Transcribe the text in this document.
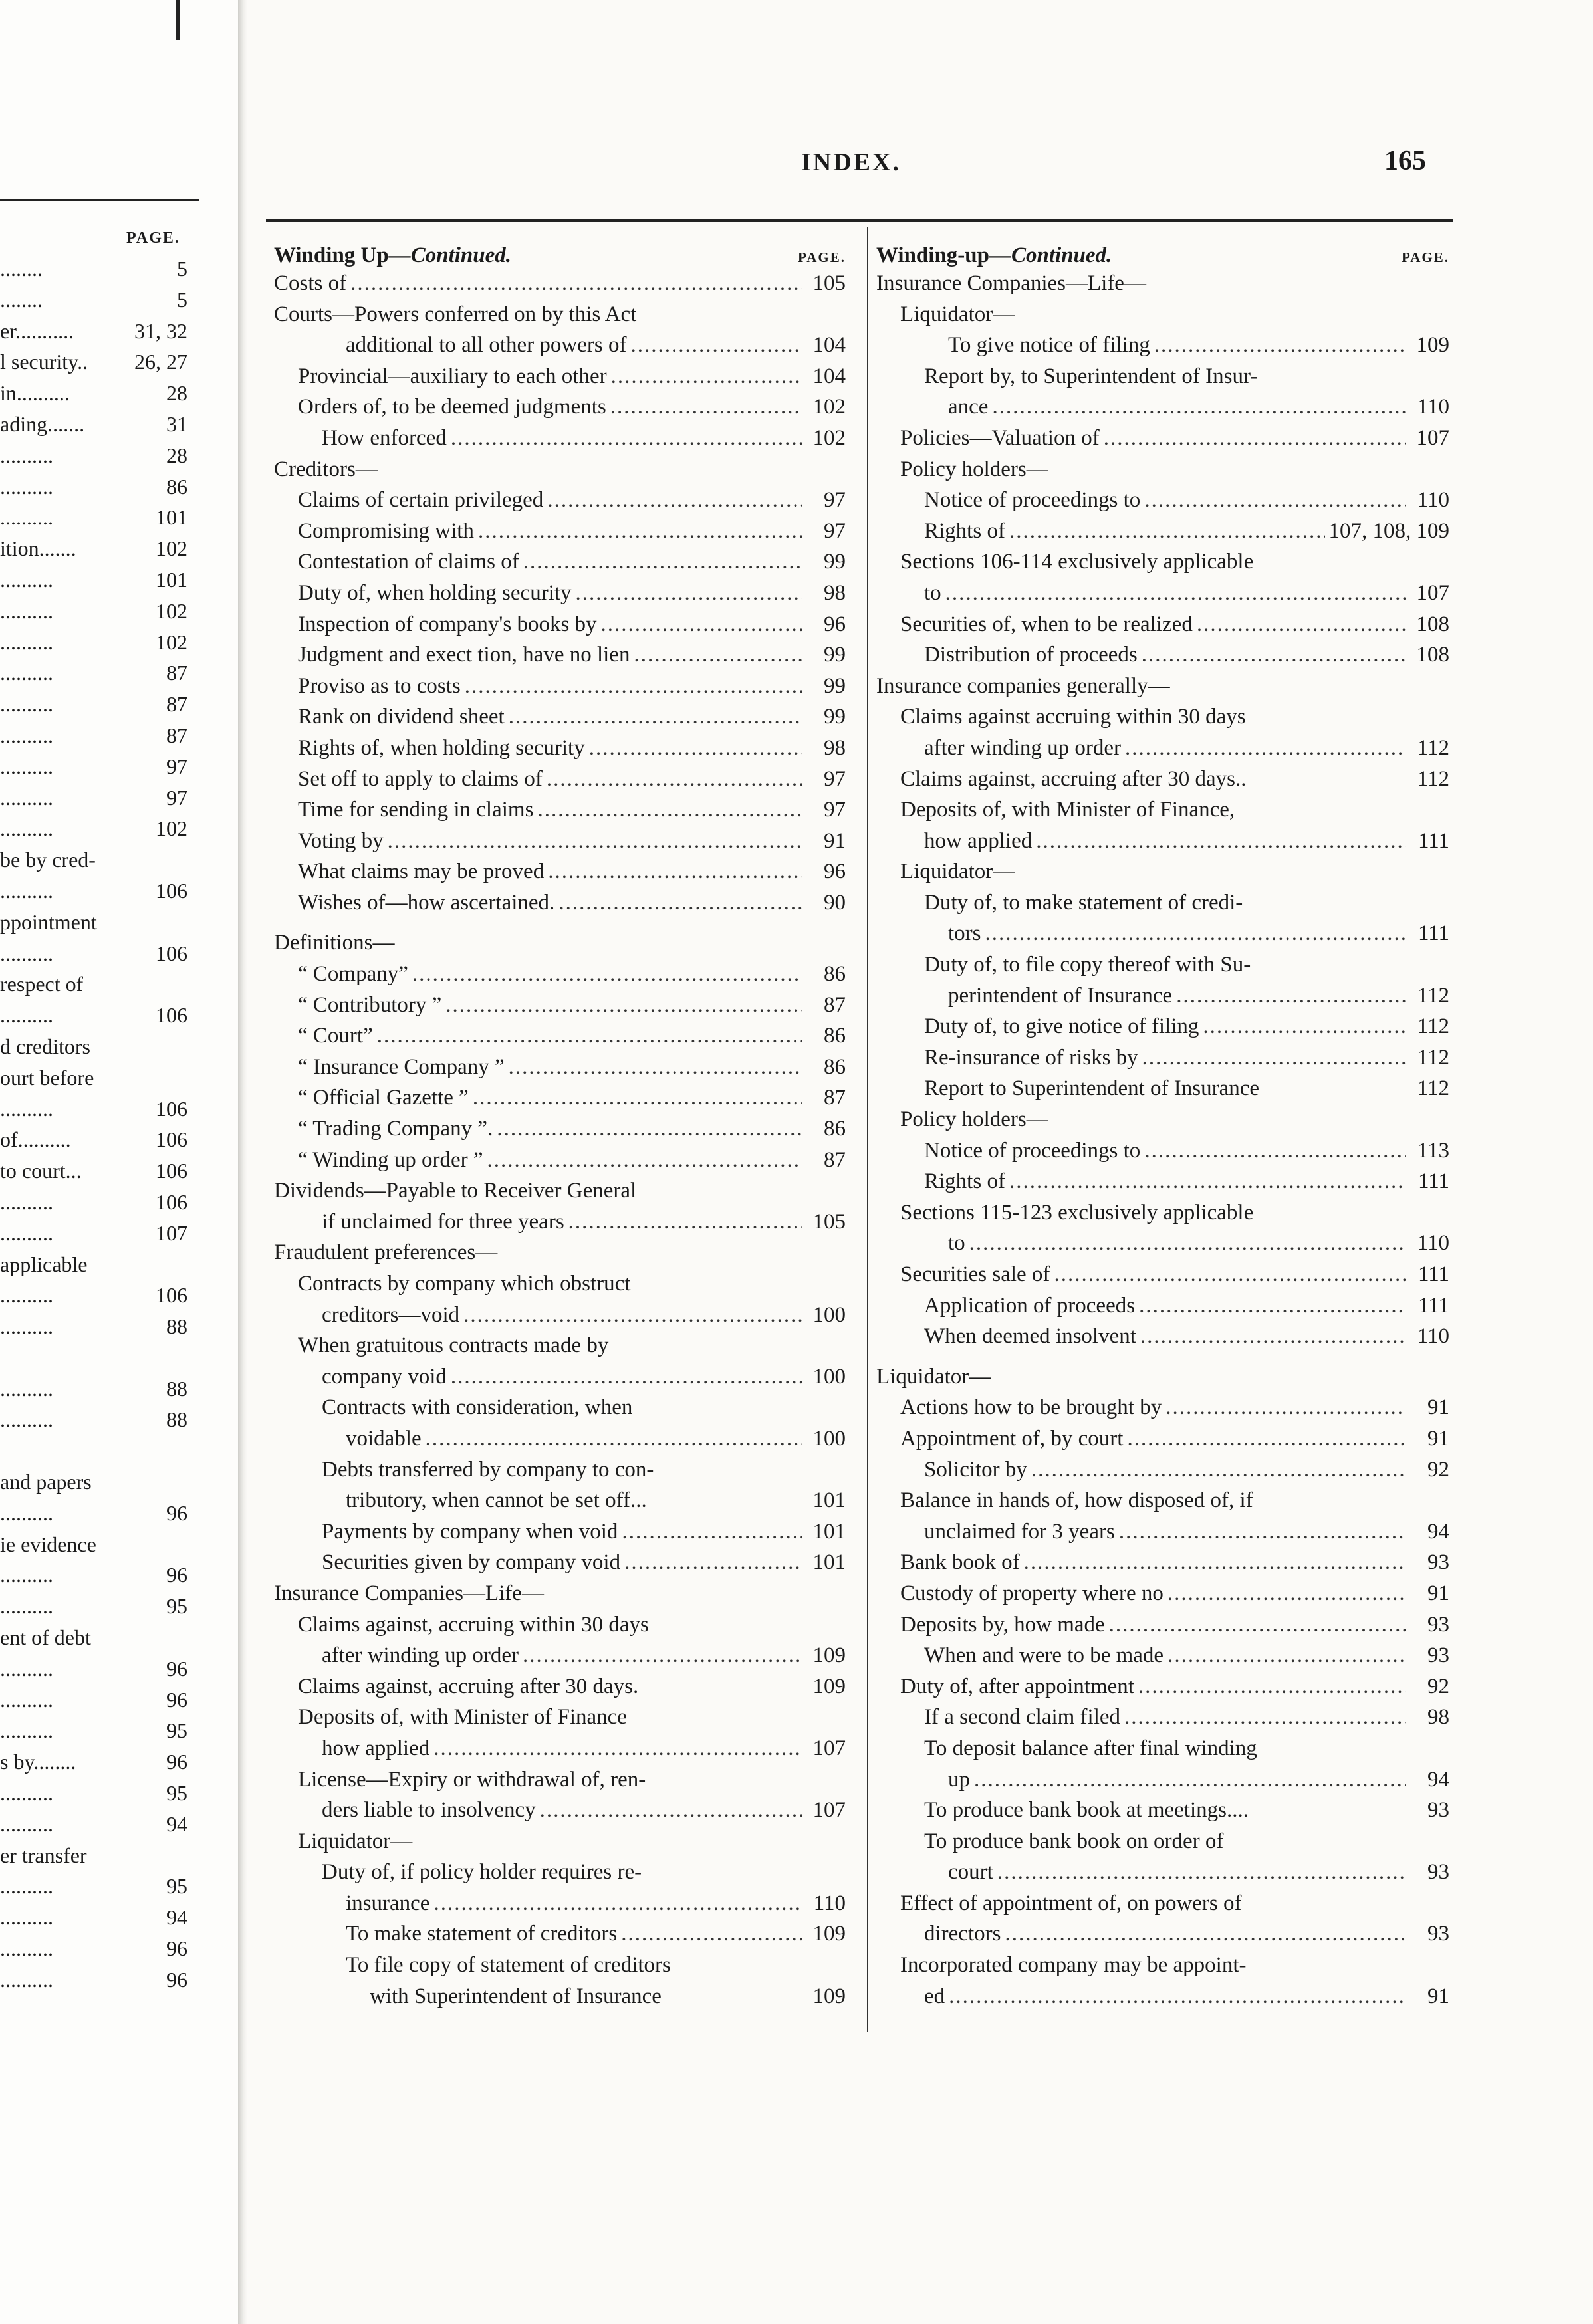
PAGE.
........	5
........	5
er...........	31, 32
l security.. 26, 27
in..........	28
ading.......	31
..........	28
..........	86
..........	101
ition.......	102
..........	101
..........	102
..........	102
..........	87
..........	87
..........	87
..........	97
..........	97
..........	102
be by cred-
..........	106
ppointment
..........	106
respect of
..........	106
d creditors
ourt before
..........	106
of..........	106
to court...	106
..........	106
..........	107
applicable
..........	106
..........	88
..........	88
..........	88
and papers
..........	96
ie evidence
..........	96
..........	95
ent of debt
..........	96
..........	96
..........	95
s by........	96
..........	95
..........	94
er transfer
..........	95
..........	94
..........	96
..........	96
INDEX.	165
Winding Up—Continued.	PAGE.
Costs of .....	105
Courts—Powers conferred on by this Act
additional to all other powers of .....	104
Provincial—auxiliary to each other .....	104
Orders of, to be deemed judgments .....	102
How enforced .....	102
Creditors—
Claims of certain privileged .....	97
Compromising with .....	97
Contestation of claims of .....	99
Duty of, when holding security .....	98
Inspection of company's books by .....	96
Judgment and exect tion, have no lien .....	99
Proviso as to costs .....	99
Rank on dividend sheet .....	99
Rights of, when holding security .....	98
Set off to apply to claims of .....	97
Time for sending in claims .....	97
Voting by .....	91
What claims may be proved .....	96
Wishes of—how ascertained. .....	90
Definitions—
“ Company” .....	86
“ Contributory ” .....	87
“ Court” .....	86
“ Insurance Company ” .....	86
“ Official Gazette ” .....	87
“ Trading Company ”. .....	86
“ Winding up order ” .....	87
Dividends—Payable to Receiver General
if unclaimed for three years .....	105
Fraudulent preferences—
Contracts by company which obstruct
creditors—void .....	100
When gratuitous contracts made by
company void .....	100
Contracts with consideration, when
voidable .....	100
Debts transferred by company to con-
tributory, when cannot be set off...	101
Payments by company when void .....	101
Securities given by company void .....	101
Insurance Companies—Life—
Claims against, accruing within 30 days
after winding up order .....	109
Claims against, accruing after 30 days.	109
Deposits of, with Minister of Finance
how applied .....	107
License—Expiry or withdrawal of, ren-
ders liable to insolvency .....	107
Liquidator—
Duty of, if policy holder requires re-
insurance .....	110
To make statement of creditors .....	109
To file copy of statement of creditors
with Superintendent of Insurance	109
Winding-up—Continued.	PAGE.
Insurance Companies—Life—
Liquidator—
To give notice of filing .....	109
Report by, to Superintendent of Insur-
ance .....	110
Policies—Valuation of .....	107
Policy holders—
Notice of proceedings to .....	110
Rights of .....	107, 108, 109
Sections 106-114 exclusively applicable
to .....	107
Securities of, when to be realized .....	108
Distribution of proceeds .....	108
Insurance companies generally—
Claims against accruing within 30 days
after winding up order .....	112
Claims against, accruing after 30 days..	112
Deposits of, with Minister of Finance,
how applied .....	111
Liquidator—
Duty of, to make statement of credi-
tors .....	111
Duty of, to file copy thereof with Su-
perintendent of Insurance .....	112
Duty of, to give notice of filing .....	112
Re-insurance of risks by .....	112
Report to Superintendent of Insurance	112
Policy holders—
Notice of proceedings to .....	113
Rights of .....	111
Sections 115-123 exclusively applicable
to .....	110
Securities sale of .....	111
Application of proceeds .....	111
When deemed insolvent .....	110
Liquidator—
Actions how to be brought by .....	91
Appointment of, by court .....	91
Solicitor by .....	92
Balance in hands of, how disposed of, if
unclaimed for 3 years .....	94
Bank book of .....	93
Custody of property where no .....	91
Deposits by, how made .....	93
When and were to be made .....	93
Duty of, after appointment .....	92
If a second claim filed .....	98
To deposit balance after final winding
up .....	94
To produce bank book at meetings....	93
To produce bank book on order of
court .....	93
Effect of appointment of, on powers of
directors .....	93
Incorporated company may be appoint-
ed .....	91
